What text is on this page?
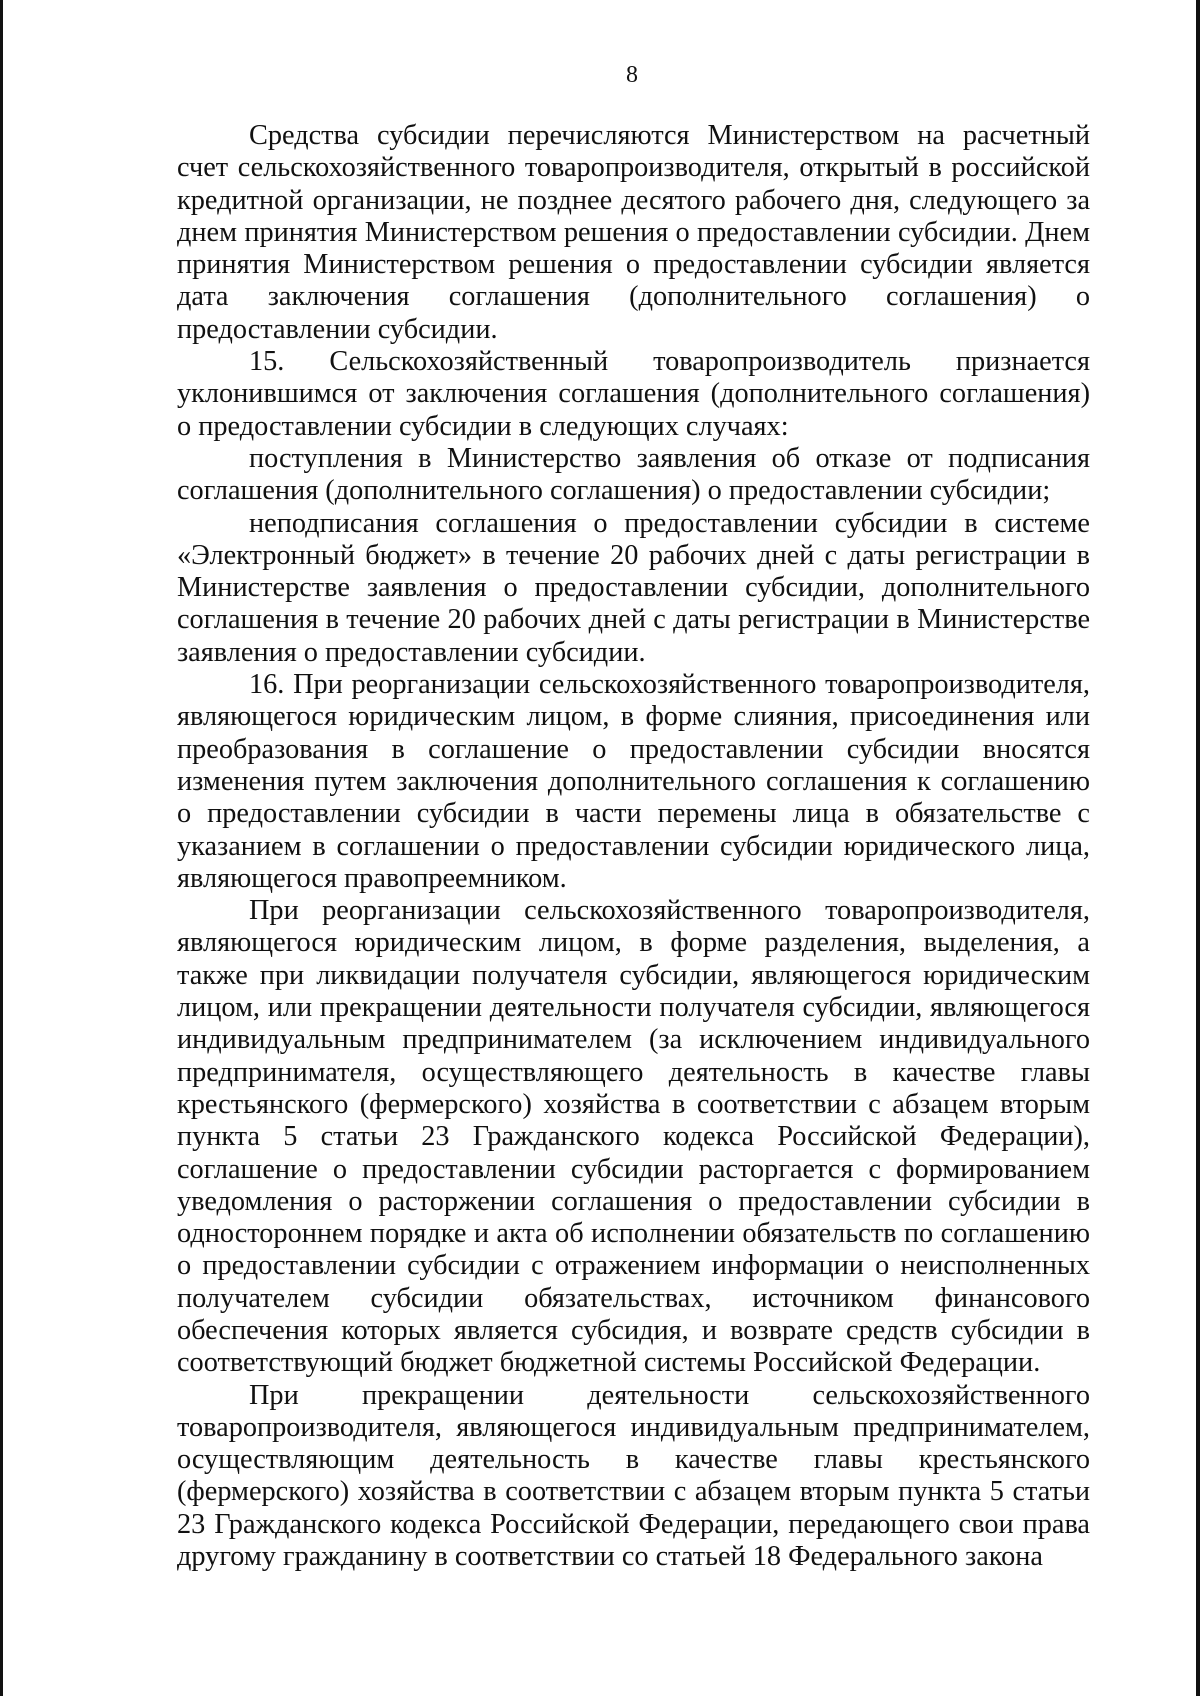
8

Средства субсидии перечисляются Министерством на расчетный счет сельскохозяйственного товаропроизводителя, открытый в российской кредитной организации, не позднее десятого рабочего дня, следующего за днем принятия Министерством решения о предоставлении субсидии. Днем принятия Министерством решения о предоставлении субсидии является дата заключения соглашения (дополнительного соглашения) о предоставлении субсидии.

15. Сельскохозяйственный товаропроизводитель признается уклонившимся от заключения соглашения (дополнительного соглашения) о предоставлении субсидии в следующих случаях:

поступления в Министерство заявления об отказе от подписания соглашения (дополнительного соглашения) о предоставлении субсидии;

неподписания соглашения о предоставлении субсидии в системе «Электронный бюджет» в течение 20 рабочих дней с даты регистрации в Министерстве заявления о предоставлении субсидии, дополнительного соглашения в течение 20 рабочих дней с даты регистрации в Министерстве заявления о предоставлении субсидии.

16. При реорганизации сельскохозяйственного товаропроизводителя, являющегося юридическим лицом, в форме слияния, присоединения или преобразования в соглашение о предоставлении субсидии вносятся изменения путем заключения дополнительного соглашения к соглашению о предоставлении субсидии в части перемены лица в обязательстве с указанием в соглашении о предоставлении субсидии юридического лица, являющегося правопреемником.

При реорганизации сельскохозяйственного товаропроизводителя, являющегося юридическим лицом, в форме разделения, выделения, а также при ликвидации получателя субсидии, являющегося юридическим лицом, или прекращении деятельности получателя субсидии, являющегося индивидуальным предпринимателем (за исключением индивидуального предпринимателя, осуществляющего деятельность в качестве главы крестьянского (фермерского) хозяйства в соответствии с абзацем вторым пункта 5 статьи 23 Гражданского кодекса Российской Федерации), соглашение о предоставлении субсидии расторгается с формированием уведомления о расторжении соглашения о предоставлении субсидии в одностороннем порядке и акта об исполнении обязательств по соглашению о предоставлении субсидии с отражением информации о неисполненных получателем субсидии обязательствах, источником финансового обеспечения которых является субсидия, и возврате средств субсидии в соответствующий бюджет бюджетной системы Российской Федерации.

При прекращении деятельности сельскохозяйственного товаропроизводителя, являющегося индивидуальным предпринимателем, осуществляющим деятельность в качестве главы крестьянского (фермерского) хозяйства в соответствии с абзацем вторым пункта 5 статьи 23 Гражданского кодекса Российской Федерации, передающего свои права другому гражданину в соответствии со статьей 18 Федерального закона
